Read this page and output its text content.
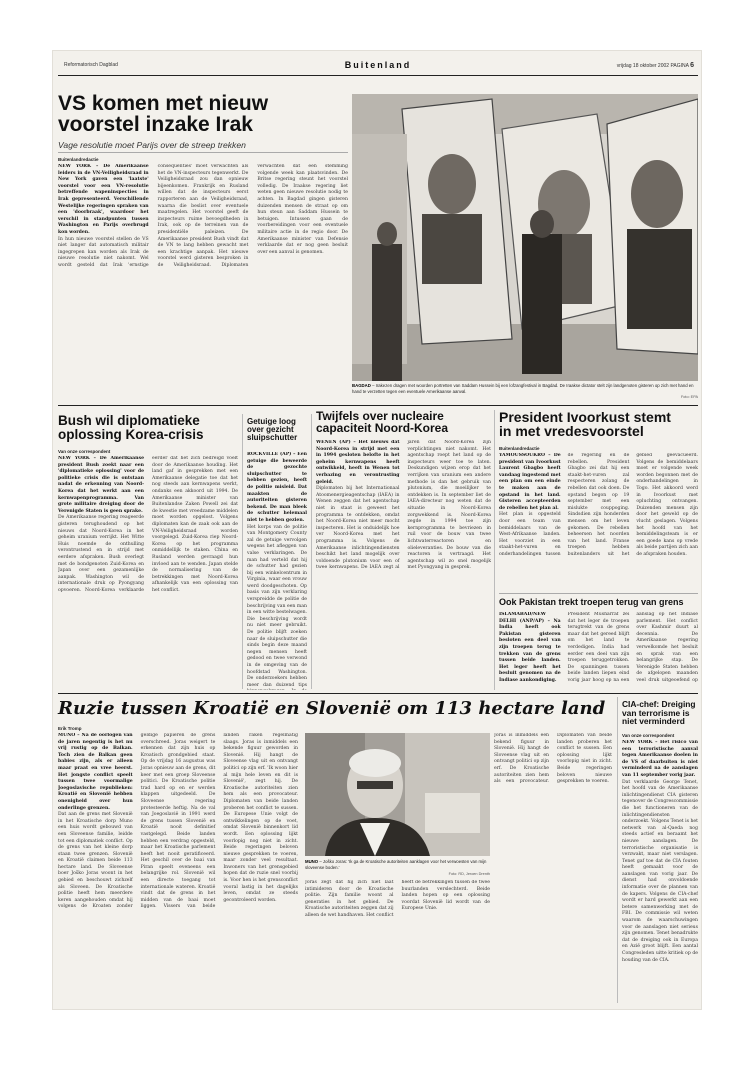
Reformatorisch Dagblad	Buitenland	vrijdag 18 oktober 2002 PAGINA 6
VS komen met nieuw
voorstel inzake Irak
Vage resolutie moet Parijs over de streep trekken
Buitenlandredactie

NEW YORK – De Amerikaanse leiders in de VN-Veiligheidsraad in New York gaven een 'laatste' voorstel voor een VN-resolutie betreffende wapeninspecties in Irak gepresenteerd. Verschillende Westelijke regeringen spraken van een 'doorbraak', waardoor het verschil in standpunten tussen Washington en Parijs overbrugd kon worden.

In hun nieuwe voorstel stellen de VS niet langer dat automatisch militair ingegrepen kan worden als Irak de nieuwe resolutie niet nakomt. Wel wordt gesteld dat Irak 'ernstige consequenties' moet verwachten als het de VN-inspecteurs tegenwerkt. De Veiligheidsraad zou dan opnieuw bijeenkomen. Frankrijk en Rusland willen dat de inspecteurs eerst rapporteren aan de Veiligheidsraad, waarna die beslist over eventuele maatregelen. Het voorstel geeft de inspecteurs ruime bevoegdheden in Irak, ook op de terreinen van de presidentiële paleizen. De Amerikaanse president Bush vindt dat de VN te lang hebben gewacht met een krachtige aanpak. Het nieuwe voorstel werd gisteren besproken in de Veiligheidsraad. Diplomaten verwachten dat een stemming volgende week kan plaatsvinden. De Britse regering steunt het voorstel volledig. De Iraakse regering liet weten geen nieuwe resolutie nodig te achten. In Bagdad gingen gisteren duizenden mensen de straat op om hun steun aan Saddam Hussein te betuigen. Intussen gaan de voorbereidingen voor een eventuele militaire actie in de regio door. De Amerikaanse minister van Defensie verklaarde dat er nog geen besluit over een aanval is genomen.

BAGDAD – Irakezen dragen met woorden portretten van Saddam Hussein bij een lofzangfestival in Bagdad. De Iraakse dictator stelt zijn landgenoten gisteren op zich met hand en hand te verzetten tegen een eventuele Amerikaanse aanval.
Foto: EPA
Bush wil diplomatieke
oplossing Korea-crisis
Van onze correspondent

NEW YORK – De Amerikaanse president Bush zoekt naar een 'diplomatieke oplossing' voor de politieke crisis die is ontstaan nadat de erkenning van Noord-Korea dat het werkt aan een kernwapenprogramma. Van grote militaire dreiging door de Verenigde Staten is geen sprake.

De Amerikaanse regering reageerde gisteren terughoudend op het nieuws dat Noord-Korea in het geheim uranium verrijkt. Het Witte Huis noemde de onthulling verontrustend en in strijd met eerdere afspraken. Bush overlegt met de bondgenoten Zuid-Korea en Japan over een gezamenlijke aanpak. Washington wil de internationale druk op Pyongyang opvoeren. Noord-Korea verklaarde eerder dat het zich bedreigd voelt door de Amerikaanse houding. Het land gaf in gesprekken met een Amerikaanse delegatie toe dat het nog steeds aan kernwapens werkt, ondanks een akkoord uit 1994. De Amerikaanse minister van Buitenlandse Zaken Powell zei dat de kwestie met vreedzame middelen moet worden opgelost. Volgens diplomaten kan de zaak ook aan de VN-Veiligheidsraad worden voorgelegd. Zuid-Korea riep Noord-Korea op het programma onmiddellijk te staken. China en Rusland werden gevraagd hun invloed aan te wenden. Japan stelde de normalisering van de betrekkingen met Noord-Korea afhankelijk van een oplossing van het conflict.

Getuige loog
over gezicht
sluipschutter

ROCKVILLE (AP) – Een getuige die beweerde de gezochte sluipschutter te hebben gezien, heeft de politie misleid. Dat maakten de autoriteiten gisteren bekend. De man bleek de schutter helemaal niet te hebben gezien.

Het korps van de politie van Montgomery County zal de getuige vervolgen wegens het afleggen van valse verklaringen. De man had verteld dat hij de schutter had gezien bij een winkelcentrum in Virginia, waar een vrouw werd doodgeschoten. Op basis van zijn verklaring verspreidde de politie de beschrijving van een man in een witte bestelwagen. Die beschrijving wordt nu niet meer gebruikt. De politie blijft zoeken naar de sluipschutter die sinds begin deze maand negen mensen heeft gedood en twee verwond in de omgeving van de hoofdstad Washington. De onderzoekers hebben meer dan duizend tips

Twijfels over nucleaire
capaciteit Noord-Korea

WENEN (AP) – Het nieuws dat Noord-Korea in strijd met een in 1994 gesloten belofte in het geheim kernwapens heeft ontwikkeld, heeft in Wenen tot verbazing en verontrusting geleid.

Diplomaten bij het Internationaal Atoomenergieagentschap (IAEA) in Wenen zeggen dat het agentschap niet in staat is geweest het programma te ontdekken, omdat het Noord-Korea niet meer mocht inspecteren. Het is onduidelijk hoe ver Noord-Korea met het programma is. Volgens de Amerikaanse inlichtingendiensten beschikt het land mogelijk over voldoende plutonium voor een of twee kernwapens. De IAEA zegt al jaren dat Noord-Korea zijn verplichtingen niet nakomt. Het agentschap roept het land op de inspecteurs weer toe te laten. Deskundigen wijzen erop dat het verrijken van uranium een andere methode is dan het gebruik van plutonium, die moeilijker te ontdekken is. In september liet de IAEA-directeur nog weten dat de situatie in Noord-Korea zorgwekkend is. Noord-Korea zegde in 1994 toe zijn kernprogramma te bevriezen in ruil voor de bouw van twee lichtwaterreactoren en olieleveranties. De bouw van die reactoren is vertraagd. Het agentschap wil zo snel mogelijk met Pyongyang in gesprek.

President Ivoorkust stemt
in met vredesvoorstel
Buitenlandredactie

YAMOUSSOUKRO – De president van Ivoorkust Laurent Gbagbo heeft vandaag ingestemd met een plan om een einde te maken aan de opstand in het land. Gisteren accepteerden de rebellen het plan al.

Het plan is opgesteld door een team van bemiddelaars van de West-Afrikaanse landen. Het voorziet in een staakt-het-vuren en onderhandelingen tussen de regering en de rebellen. President Gbagbo zei dat hij een staakt-het-vuren zal respecteren zolang de rebellen dat ook doen. De opstand begon op 19 september met een mislukte couppoging. Sindsdien zijn honderden mensen om het leven gekomen. De rebellen beheersen het noorden van het land. Franse troepen hebben buitenlanders uit het gebied geëvacueerd. Volgens de bemiddelaars moet er volgende week worden begonnen met de onderhandelingen in Togo. Het akkoord werd in Ivoorkust met opluchting ontvangen. Duizenden mensen zijn door het geweld op de vlucht geslagen. Volgens het hoofd van het bemiddelingsteam is er een goede kans op vrede als beide partijen zich aan de afspraken houden.

Ook Pakistan trekt troepen terug van grens

ISLAMABAD/NEW DELHI (ANP/AP) – Na India heeft ook Pakistan gisteren besloten een deel van zijn troepen terug te trekken van de grens tussen beide landen. Het leger heeft het besluit genomen na de Indiase aankondiging.

President Musharraf zei dat het leger de troepen terugtrekt van de grens maar dat het gereed blijft om het land te verdedigen. India had eerder een deel van zijn troepen teruggetrokken. De spanningen tussen beide landen liepen eind vorig jaar hoog op na een aanslag op het Indiase parlement. Het conflict over Kashmir duurt al decennia. De Amerikaanse regering verwelkomde het besluit en sprak van een belangrijke stap. De Verenigde Staten hebben de afgelopen maanden veel druk uitgeoefend op

Ruzie tussen Kroatië en Slovenië om 113 hectare land
Erik Tromp

MUNO – Na de oorlogen van de jaren negentig is het nu vrij rustig op de Balkan. Toch zien de Balkan geen babies zijn, als er alleen maar praat en vree heerst. Het jongste conflict speelt tussen twee voormalige Joegoslavische republieken: Kroatië en Slovenië hebben onenigheid over hun onderlinge grenzen.

Dat aan de grens met Slovenië in het Kroatische dorp Muno een huis wordt gebouwd van een Sloveense familie, leidde tot een diplomatiek conflict. Op de grens van het kleine dorp staan twee grenzen. Slovenië en Kroatië claimen beide 113 hectare land. De Sloveense boer Joško Joras woont in het gebied en beschouwt zichzelf als Sloveen. De Kroatische politie heeft hem meerdere keren aangehouden omdat hij volgens de Kroaten zonder geldige papieren de grens overschreed. Joras weigert te erkennen dat zijn huis op Kroatisch grondgebied staat. Op de vrijdag 16 augustus was Joras opnieuw aan de grens, dit keer met een groep Sloveense politici. De Kroatische politie trad hard op en er werden klappen uitgedeeld. De Sloveense regering protesteerde heftig. Na de val van Joegoslavië in 1991 werd de grens tussen Slovenië en Kroatië nooit definitief vastgelegd. Beide landen hebben een verdrag opgesteld, maar het Kroatische parlement heeft het nooit geratificeerd. Het geschil over de baai van Piran speelt eveneens een belangrijke rol. Slovenië wil een directe toegang tot internationale wateren. Kroatië vindt dat de grens in het midden van de baai moet liggen. Vissers van beide landen raken regelmatig slaags. Joras is inmiddels een bekende figuur geworden in Slovenië. Hij hangt de Sloveense vlag uit en ontvangt politici op zijn erf. 'Ik woon hier al mijn hele leven en dit is Slovenië', zegt hij. De Kroatische autoriteiten zien hem als een provocateur. Diplomaten van beide landen proberen het conflict te sussen. De Europese Unie volgt de ontwikkelingen op de voet, omdat Slovenië binnenkort lid wordt. Een oplossing lijkt voorlopig nog niet in zicht. Beide regeringen beloven nieuwe gesprekken te voeren, maar zonder veel resultaat. Inwoners van het grensgebied hopen dat de ruzie snel voorbij is. Voor hen is het grensconflict vooral lastig in het dagelijks leven, omdat ze steeds gecontroleerd worden.

MUNO – Joško Joras: 'Ik ga de Kroatische autoriteiten aanklagen voor het verwoesten van mijn sloveense boden.'
Foto: RD, Jeroen Drenth

Joras zegt dat hij zich niet laat intimideren door de Kroatische politie. Zijn familie woont al generaties in het gebied. De Kroatische autoriteiten zeggen dat zij alleen de wet handhaven. Het conflict heeft de betrekkingen tussen de twee buurlanden verslechterd. Beide landen hopen op een oplossing voordat Slovenië lid wordt van de Europese Unie.

Joras is inmiddels een bekend figuur in Slovenië. Hij hangt de Sloveense vlag uit en ontvangt politici op zijn erf. De Kroatische autoriteiten zien hem als een provocateur. Diplomaten van beide landen proberen het conflict te sussen. Een oplossing lijkt voorlopig niet in zicht. Beide regeringen beloven nieuwe gesprekken te voeren.

CIA-chef: Dreiging
van terrorisme is
niet verminderd
Van onze correspondent

NEW YORK – Het risico van een terroristische aanval tegen Amerikaanse doelen in de VS of daarbuiten is niet verminderd na de aanslagen van 11 september vorig jaar.

Dat verklaarde George Tenet, het hoofd van de Amerikaanse inlichtingendienst CIA gisteren tegenover de Congrescommissie die het functioneren van de inlichtingendiensten onderzoekt. Volgens Tenet is het netwerk van al-Qaeda nog steeds actief en beraamt het nieuwe aanslagen. De terroristische organisatie is verzwakt, maar niet verslagen. Tenet gaf toe dat de CIA fouten heeft gemaakt voor de aanslagen van vorig jaar. De dienst had onvoldoende informatie over de plannen van de kapers. Volgens de CIA-chef wordt er hard gewerkt aan een betere samenwerking met de FBI. De commissie wil weten waarom de waarschuwingen voor de aanslagen niet serieus zijn genomen. Tenet benadrukte dat de dreiging ook in Europa en Azië groot blijft. Een aantal Congresleden uitte kritiek op de houding van de CIA.
